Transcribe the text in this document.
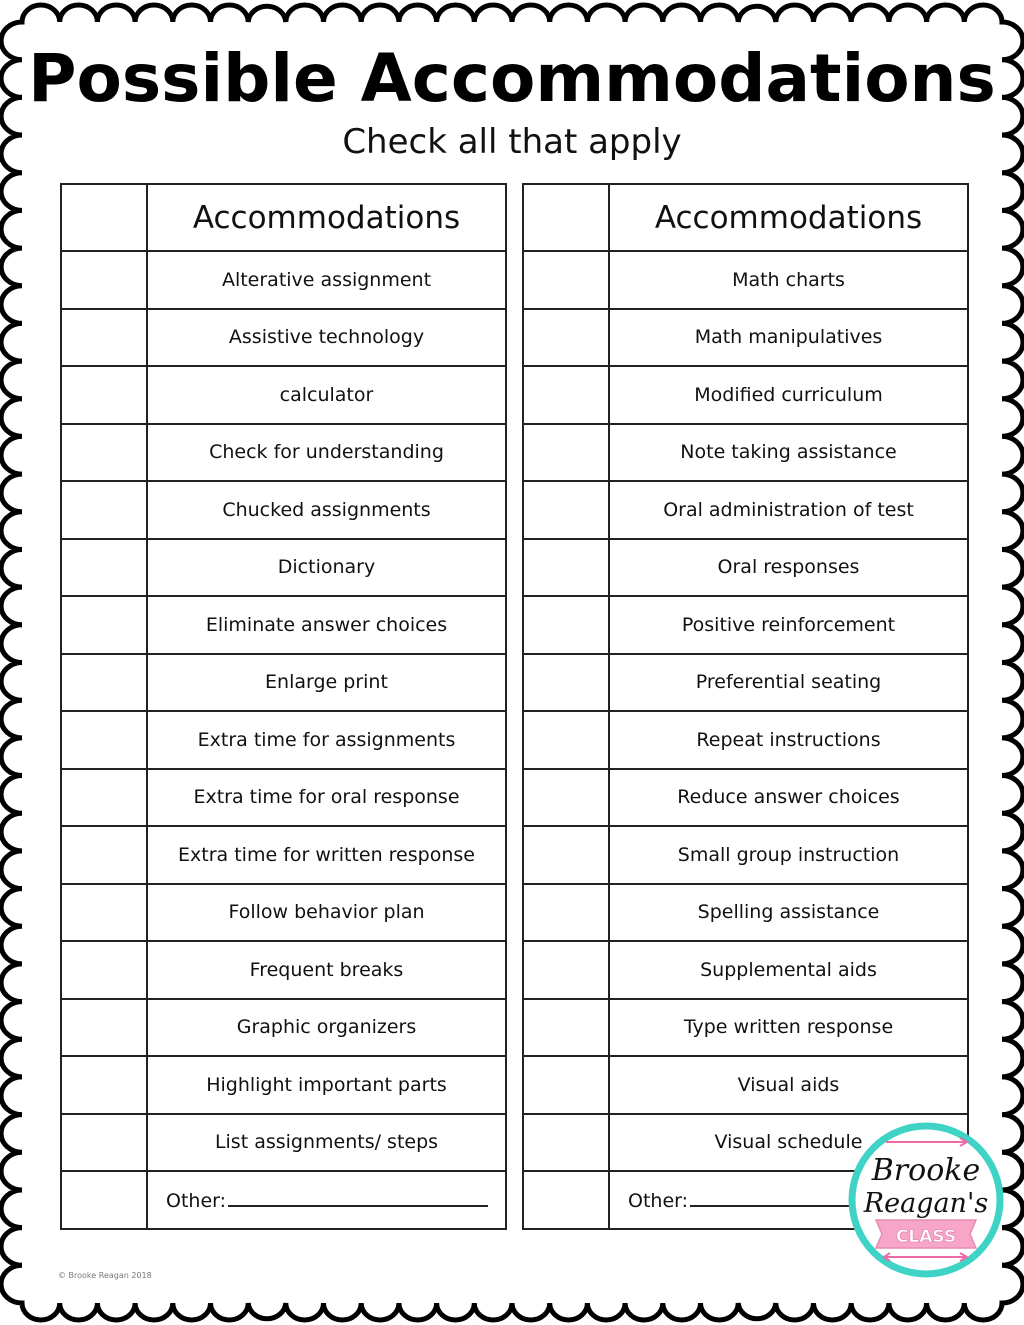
Possible Accommodations
Check all that apply
	Accommodations
	Alterative assignment
	Assistive technology
	calculator
	Check for understanding
	Chucked assignments
	Dictionary
	Eliminate answer choices
	Enlarge print
	Extra time for assignments
	Extra time for oral response
	Extra time for written response
	Follow behavior plan
	Frequent breaks
	Graphic organizers
	Highlight important parts
	List assignments/ steps
	Other:
	Accommodations
	Math charts
	Math manipulatives
	Modified curriculum
	Note taking assistance
	Oral administration of test
	Oral responses
	Positive reinforcement
	Preferential seating
	Repeat instructions
	Reduce answer choices
	Small group instruction
	Spelling assistance
	Supplemental aids
	Type written response
	Visual aids
	Visual schedule
	Other:
© Brooke Reagan 2018
Brooke
Reagan's
CLASS
